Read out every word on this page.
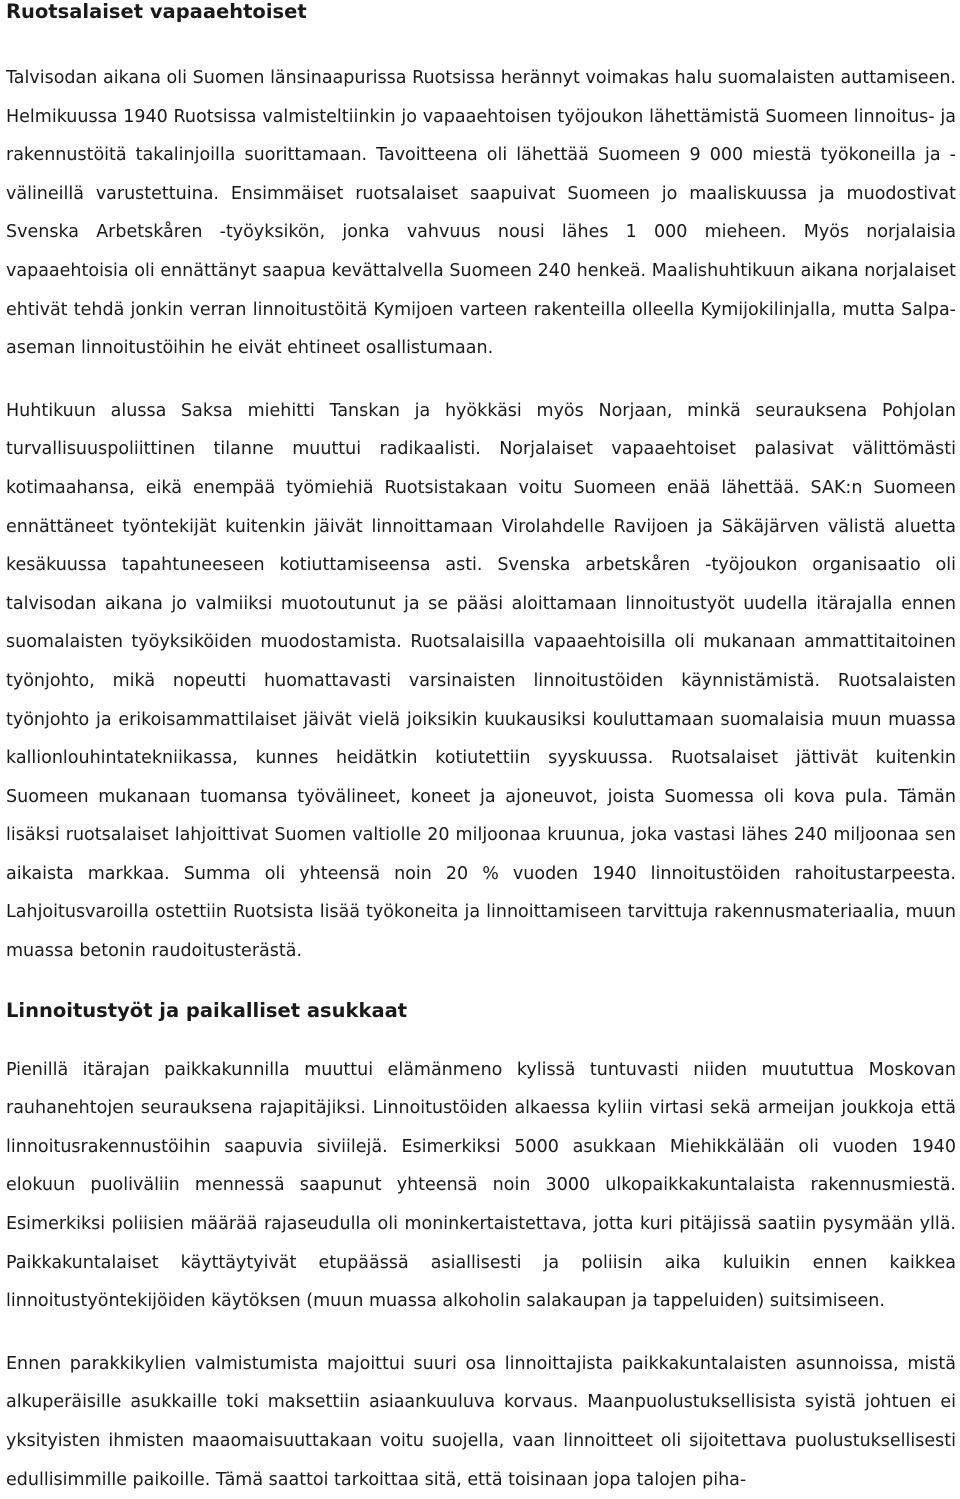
Ruotsalaiset vapaaehtoiset

Talvisodan aikana oli Suomen länsinaapurissa Ruotsissa herännyt voimakas halu suomalaisten auttamiseen. Helmikuussa 1940 Ruotsissa valmisteltiinkin jo vapaaehtoisen työjoukon lähettämistä Suomeen linnoitus- ja rakennustöitä takalinjoilla suorittamaan. Tavoitteena oli lähettää Suomeen 9 000 miestä työkoneilla ja -välineillä varustettuina. Ensimmäiset ruotsalaiset saapuivat Suomeen jo maaliskuussa ja muodostivat Svenska Arbetskåren -työyksikön, jonka vahvuus nousi lähes 1 000 mieheen. Myös norjalaisia vapaaehtoisia oli ennättänyt saapua kevättalvella Suomeen 240 henkeä. Maalishuhtikuun aikana norjalaiset ehtivät tehdä jonkin verran linnoitustöitä Kymijoen varteen rakenteilla olleella Kymijokilinjalla, mutta Salpa-aseman linnoitustöihin he eivät ehtineet osallistumaan.

Huhtikuun alussa Saksa miehitti Tanskan ja hyökkäsi myös Norjaan, minkä seurauksena Pohjolan turvallisuuspoliittinen tilanne muuttui radikaalisti. Norjalaiset vapaaehtoiset palasivat välittömästi kotimaahansa, eikä enempää työmiehiä Ruotsistakaan voitu Suomeen enää lähettää. SAK:n Suomeen ennättäneet työntekijät kuitenkin jäivät linnoittamaan Virolahdelle Ravijoen ja Säkäjärven välistä aluetta kesäkuussa tapahtuneeseen kotiuttamiseensa asti. Svenska arbetskåren -työjoukon organisaatio oli talvisodan aikana jo valmiiksi muotoutunut ja se pääsi aloittamaan linnoitustyöt uudella itärajalla ennen suomalaisten työyksiköiden muodostamista. Ruotsalaisilla vapaaehtoisilla oli mukanaan ammattitaitoinen työnjohto, mikä nopeutti huomattavasti varsinaisten linnoitustöiden käynnistämistä. Ruotsalaisten työnjohto ja erikoisammattilaiset jäivät vielä joiksikin kuukausiksi kouluttamaan suomalaisia muun muassa kallionlouhintatekniikassa, kunnes heidätkin kotiutettiin syyskuussa. Ruotsalaiset jättivät kuitenkin Suomeen mukanaan tuomansa työvälineet, koneet ja ajoneuvot, joista Suomessa oli kova pula. Tämän lisäksi ruotsalaiset lahjoittivat Suomen valtiolle 20 miljoonaa kruunua, joka vastasi lähes 240 miljoonaa sen aikaista markkaa. Summa oli yhteensä noin 20 % vuoden 1940 linnoitustöiden rahoitustarpeesta. Lahjoitusvaroilla ostettiin Ruotsista lisää työkoneita ja linnoittamiseen tarvittuja rakennusmateriaalia, muun muassa betonin raudoitusterästä.

Linnoitustyöt ja paikalliset asukkaat

Pienillä itärajan paikkakunnilla muuttui elämänmeno kylissä tuntuvasti niiden muututtua Moskovan rauhanehtojen seurauksena rajapitäjiksi. Linnoitustöiden alkaessa kyliin virtasi sekä armeijan joukkoja että linnoitusrakennustöihin saapuvia siviilejä. Esimerkiksi 5000 asukkaan Miehikkälään oli vuoden 1940 elokuun puoliväliin mennessä saapunut yhteensä noin 3000 ulkopaikkakuntalaista rakennusmiestä. Esimerkiksi poliisien määrää rajaseudulla oli moninkertaistettava, jotta kuri pitäjissä saatiin pysymään yllä. Paikkakuntalaiset käyttäytyivät etupäässä asiallisesti ja poliisin aika kuluikin ennen kaikkea linnoitustyöntekijöiden käytöksen (muun muassa alkoholin salakaupan ja tappeluiden) suitsimiseen.

Ennen parakkikylien valmistumista majoittui suuri osa linnoittajista paikkakuntalaisten asunnoissa, mistä alkuperäisille asukkaille toki maksettiin asiaankuuluva korvaus. Maanpuolustuksellisista syistä johtuen ei yksityisten ihmisten maaomaisuuttakaan voitu suojella, vaan linnoitteet oli sijoitettava puolustuksellisesti edullisimmille paikoille. Tämä saattoi tarkoittaa sitä, että toisinaan jopa talojen piha-
